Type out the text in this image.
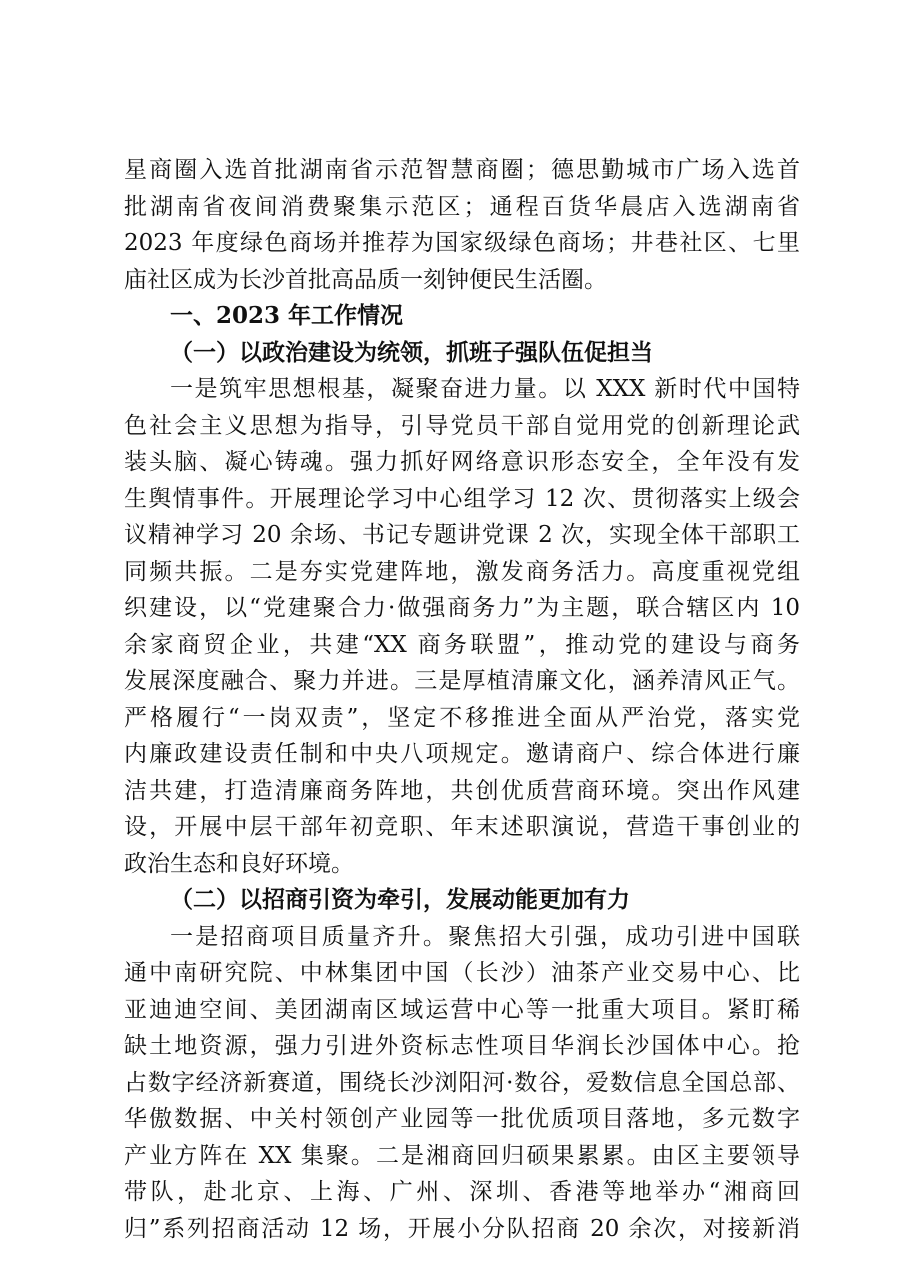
星商圈入选首批湖南省示范智慧商圈；德思勤城市广场入选首
批湖南省夜间消费聚集示范区；通程百货华晨店入选湖南省
2023 年度绿色商场并推荐为国家级绿色商场；井巷社区、七里
庙社区成为长沙首批高品质一刻钟便民生活圈。
一、2023 年工作情况
（一）以政治建设为统领，抓班子强队伍促担当
一是筑牢思想根基，凝聚奋进力量。以 XXX 新时代中国特
色社会主义思想为指导，引导党员干部自觉用党的创新理论武
装头脑、凝心铸魂。强力抓好网络意识形态安全，全年没有发
生舆情事件。开展理论学习中心组学习 12 次、贯彻落实上级会
议精神学习 20 余场、书记专题讲党课 2 次，实现全体干部职工
同频共振。二是夯实党建阵地，激发商务活力。高度重视党组
织建设，以“党建聚合力·做强商务力”为主题，联合辖区内 10
余家商贸企业，共建“XX 商务联盟”，推动党的建设与商务
发展深度融合、聚力并进。三是厚植清廉文化，涵养清风正气。
严格履行“一岗双责”，坚定不移推进全面从严治党，落实党
内廉政建设责任制和中央八项规定。邀请商户、综合体进行廉
洁共建，打造清廉商务阵地，共创优质营商环境。突出作风建
设，开展中层干部年初竞职、年末述职演说，营造干事创业的
政治生态和良好环境。
（二）以招商引资为牵引，发展动能更加有力
一是招商项目质量齐升。聚焦招大引强，成功引进中国联
通中南研究院、中林集团中国（长沙）油茶产业交易中心、比
亚迪迪空间、美团湖南区域运营中心等一批重大项目。紧盯稀
缺土地资源，强力引进外资标志性项目华润长沙国体中心。抢
占数字经济新赛道，围绕长沙浏阳河·数谷，爱数信息全国总部、
华傲数据、中关村领创产业园等一批优质项目落地，多元数字
产业方阵在 XX 集聚。二是湘商回归硕果累累。由区主要领导
带队，赴北京、上海、广州、深圳、香港等地举办“湘商回
归”系列招商活动 12 场，开展小分队招商 20 余次，对接新消
